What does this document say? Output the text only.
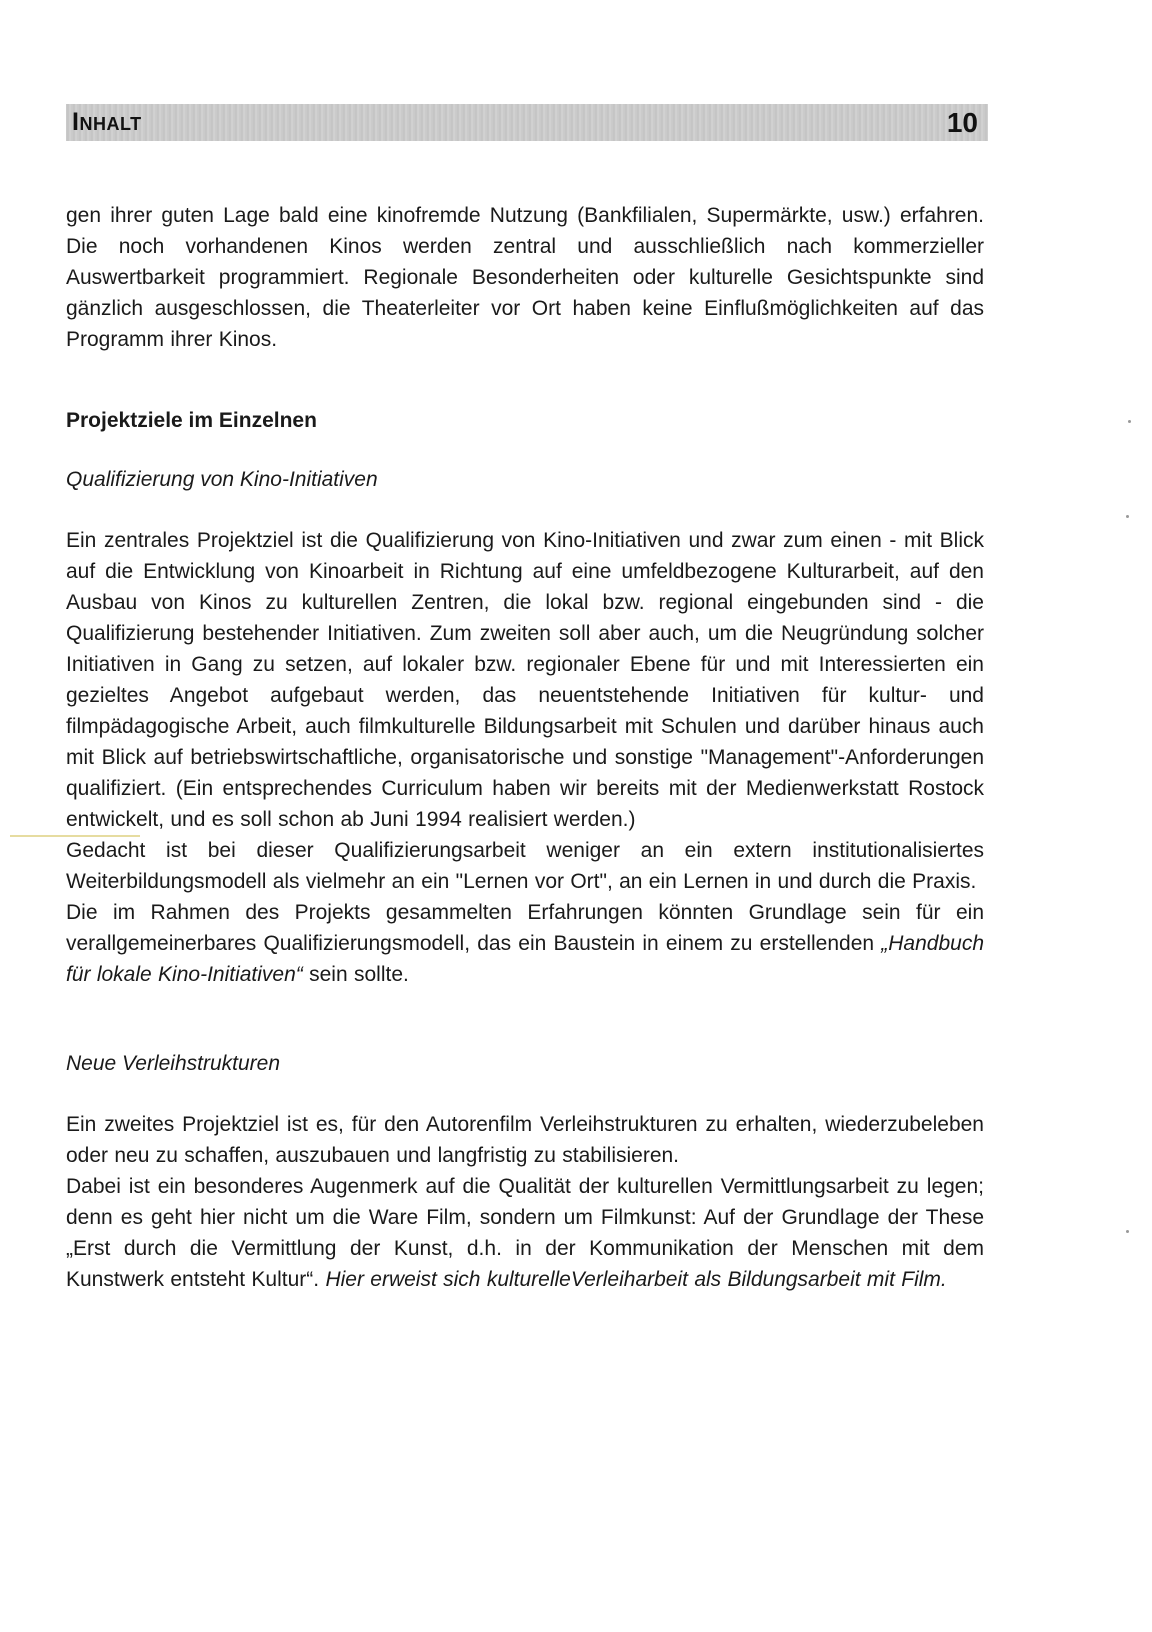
Inhalt	10

gen ihrer guten Lage bald eine kinofremde Nutzung (Bankfilialen, Supermärkte, usw.) erfahren. Die noch vorhandenen Kinos werden zentral und ausschließlich nach kommerzieller Auswertbarkeit programmiert. Regionale Besonderheiten oder kulturelle Gesichtspunkte sind gänzlich ausgeschlossen, die Theaterleiter vor Ort haben keine Einflußmöglichkeiten auf das Programm ihrer Kinos.

Projektziele im Einzelnen

Qualifizierung von Kino-Initiativen

Ein zentrales Projektziel ist die Qualifizierung von Kino-Initiativen und zwar zum einen - mit Blick auf die Entwicklung von Kinoarbeit in Richtung auf eine umfeldbezogene Kulturarbeit, auf den Ausbau von Kinos zu kulturellen Zentren, die lokal bzw. regional eingebunden sind - die Qualifizierung bestehender Initiativen. Zum zweiten soll aber auch, um die Neugründung solcher Initiativen in Gang zu setzen, auf lokaler bzw. regionaler Ebene für und mit Interessierten ein gezieltes Angebot aufgebaut werden, das neuentstehende Initiativen für kultur- und filmpädagogische Arbeit, auch filmkulturelle Bildungsarbeit mit Schulen und darüber hinaus auch mit Blick auf betriebswirtschaftliche, organisatorische und sonstige "Management"-Anforderungen qualifiziert. (Ein entsprechendes Curriculum haben wir bereits mit der Medienwerkstatt Rostock entwickelt, und es soll schon ab Juni 1994 realisiert werden.)

Gedacht ist bei dieser Qualifizierungsarbeit weniger an ein extern institutionalisiertes Weiterbildungsmodell als vielmehr an ein "Lernen vor Ort", an ein Lernen in und durch die Praxis.

Die im Rahmen des Projekts gesammelten Erfahrungen könnten Grundlage sein für ein verallgemeinerbares Qualifizierungsmodell, das ein Baustein in einem zu erstellenden „Handbuch für lokale Kino-Initiativen“ sein sollte.

Neue Verleihstrukturen

Ein zweites Projektziel ist es, für den Autorenfilm Verleihstrukturen zu erhalten, wiederzubeleben oder neu zu schaffen, auszubauen und langfristig zu stabilisieren.

Dabei ist ein besonderes Augenmerk auf die Qualität der kulturellen Vermittlungsarbeit zu legen; denn es geht hier nicht um die Ware Film, sondern um Filmkunst: Auf der Grundlage der These „Erst durch die Vermittlung der Kunst, d.h. in der Kommunikation der Menschen mit dem Kunstwerk entsteht Kultur“. Hier erweist sich kulturelleVerleiharbeit als Bildungsarbeit mit Film.
